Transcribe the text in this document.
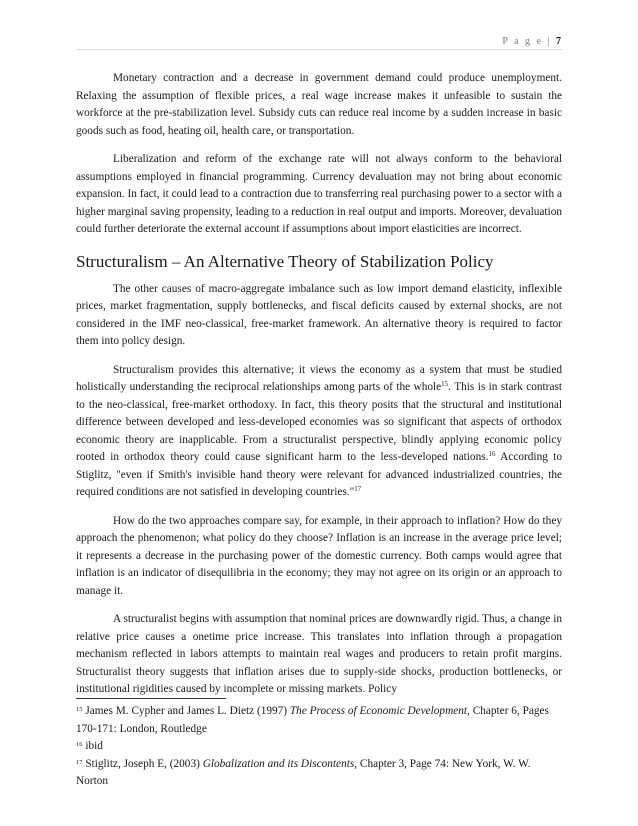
P a g e | 7

Monetary contraction and a decrease in government demand could produce unemployment. Relaxing the assumption of flexible prices, a real wage increase makes it unfeasible to sustain the workforce at the pre-stabilization level. Subsidy cuts can reduce real income by a sudden increase in basic goods such as food, heating oil, health care, or transportation.

Liberalization and reform of the exchange rate will not always conform to the behavioral assumptions employed in financial programming. Currency devaluation may not bring about economic expansion. In fact, it could lead to a contraction due to transferring real purchasing power to a sector with a higher marginal saving propensity, leading to a reduction in real output and imports. Moreover, devaluation could further deteriorate the external account if assumptions about import elasticities are incorrect.

Structuralism – An Alternative Theory of Stabilization Policy

The other causes of macro-aggregate imbalance such as low import demand elasticity, inflexible prices, market fragmentation, supply bottlenecks, and fiscal deficits caused by external shocks, are not considered in the IMF neo-classical, free-market framework. An alternative theory is required to factor them into policy design.

Structuralism provides this alternative; it views the economy as a system that must be studied holistically understanding the reciprocal relationships among parts of the whole$^{15}$. This is in stark contrast to the neo-classical, free-market orthodoxy. In fact, this theory posits that the structural and institutional difference between developed and less-developed economies was so significant that aspects of orthodox economic theory are inapplicable. From a structuralist perspective, blindly applying economic policy rooted in orthodox theory could cause significant harm to the less-developed nations.$^{16}$ According to Stiglitz, "even if Smith's invisible hand theory were relevant for advanced industrialized countries, the required conditions are not satisfied in developing countries."$^{17}$

How do the two approaches compare say, for example, in their approach to inflation? How do they approach the phenomenon; what policy do they choose? Inflation is an increase in the average price level; it represents a decrease in the purchasing power of the domestic currency. Both camps would agree that inflation is an indicator of disequilibria in the economy; they may not agree on its origin or an approach to manage it.

A structuralist begins with assumption that nominal prices are downwardly rigid. Thus, a change in relative price causes a onetime price increase. This translates into inflation through a propagation mechanism reflected in labors attempts to maintain real wages and producers to retain profit margins. Structuralist theory suggests that inflation arises due to supply-side shocks, production bottlenecks, or institutional rigidities caused by incomplete or missing markets. Policy

$^{15}$ James M. Cypher and James L. Dietz (1997) The Process of Economic Development, Chapter 6, Pages 170-171: London, Routledge

$^{16}$ ibid

$^{17}$ Stiglitz, Joseph E, (2003) Globalization and its Discontents, Chapter 3, Page 74: New York, W. W. Norton
